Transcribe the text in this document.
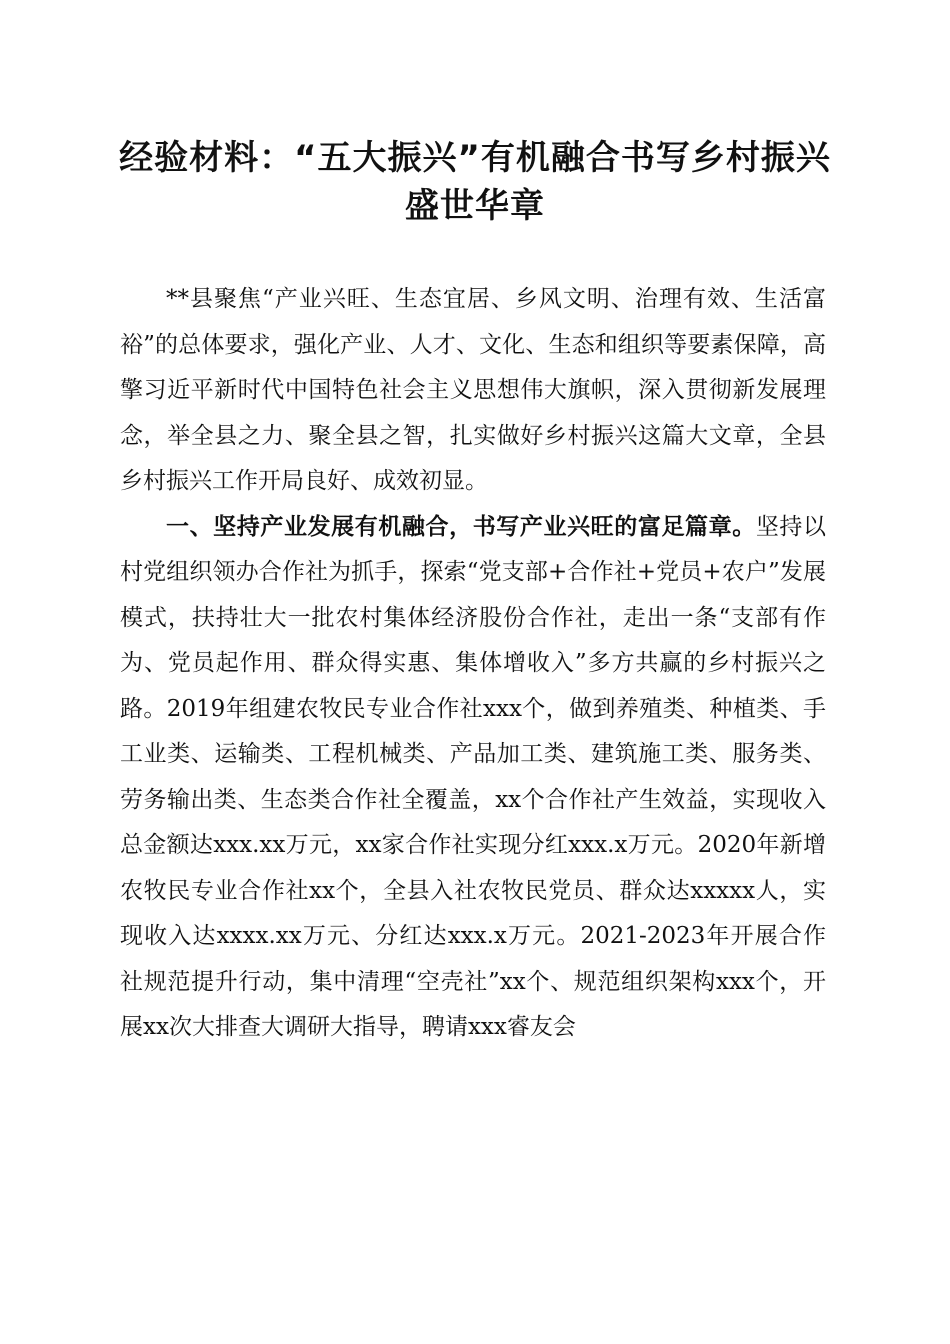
经验材料：“五大振兴”有机融合书写乡村振兴盛世华章

**县聚焦“产业兴旺、生态宜居、乡风文明、治理有效、生活富裕”的总体要求，强化产业、人才、文化、生态和组织等要素保障，高擎习近平新时代中国特色社会主义思想伟大旗帜，深入贯彻新发展理念，举全县之力、聚全县之智，扎实做好乡村振兴这篇大文章，全县乡村振兴工作开局良好、成效初显。

一、坚持产业发展有机融合，书写产业兴旺的富足篇章。坚持以村党组织领办合作社为抓手，探索“党支部+合作社+党员+农户”发展模式，扶持壮大一批农村集体经济股份合作社，走出一条“支部有作为、党员起作用、群众得实惠、集体增收入”多方共赢的乡村振兴之路。2019年组建农牧民专业合作社xxx个，做到养殖类、种植类、手工业类、运输类、工程机械类、产品加工类、建筑施工类、服务类、劳务输出类、生态类合作社全覆盖，xx个合作社产生效益，实现收入总金额达xxx.xx万元，xx家合作社实现分红xxx.x万元。2020年新增农牧民专业合作社xx个，全县入社农牧民党员、群众达xxxxx人，实现收入达xxxx.xx万元、分红达xxx.x万元。2021-2023年开展合作社规范提升行动，集中清理“空壳社”xx个、规范组织架构xxx个，开展xx次大排查大调研大指导，聘请xxx睿友会
